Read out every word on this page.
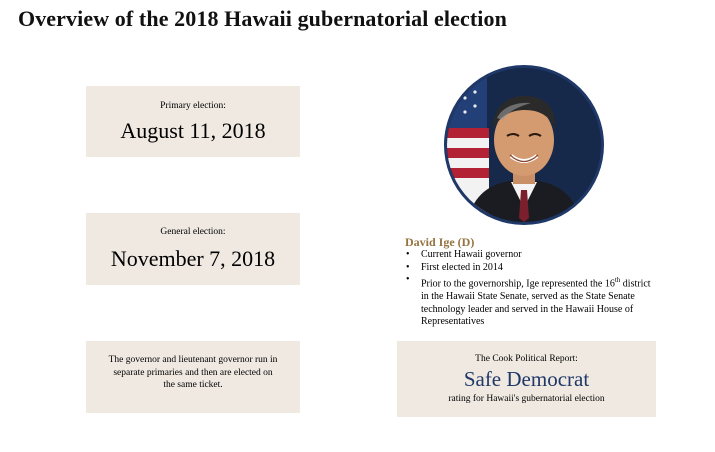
Overview of the 2018 Hawaii gubernatorial election
Primary election:
August 11, 2018
General election:
November 7, 2018
The governor and lieutenant governor run in separate primaries and then are elected on the same ticket.
David Ige (D)
• Current Hawaii governor
• First elected in 2014
• Prior to the governorship, Ige represented the 16th district in the Hawaii State Senate, served as the State Senate technology leader and served in the Hawaii House of Representatives
The Cook Political Report:
Safe Democrat
rating for Hawaii's gubernatorial election
